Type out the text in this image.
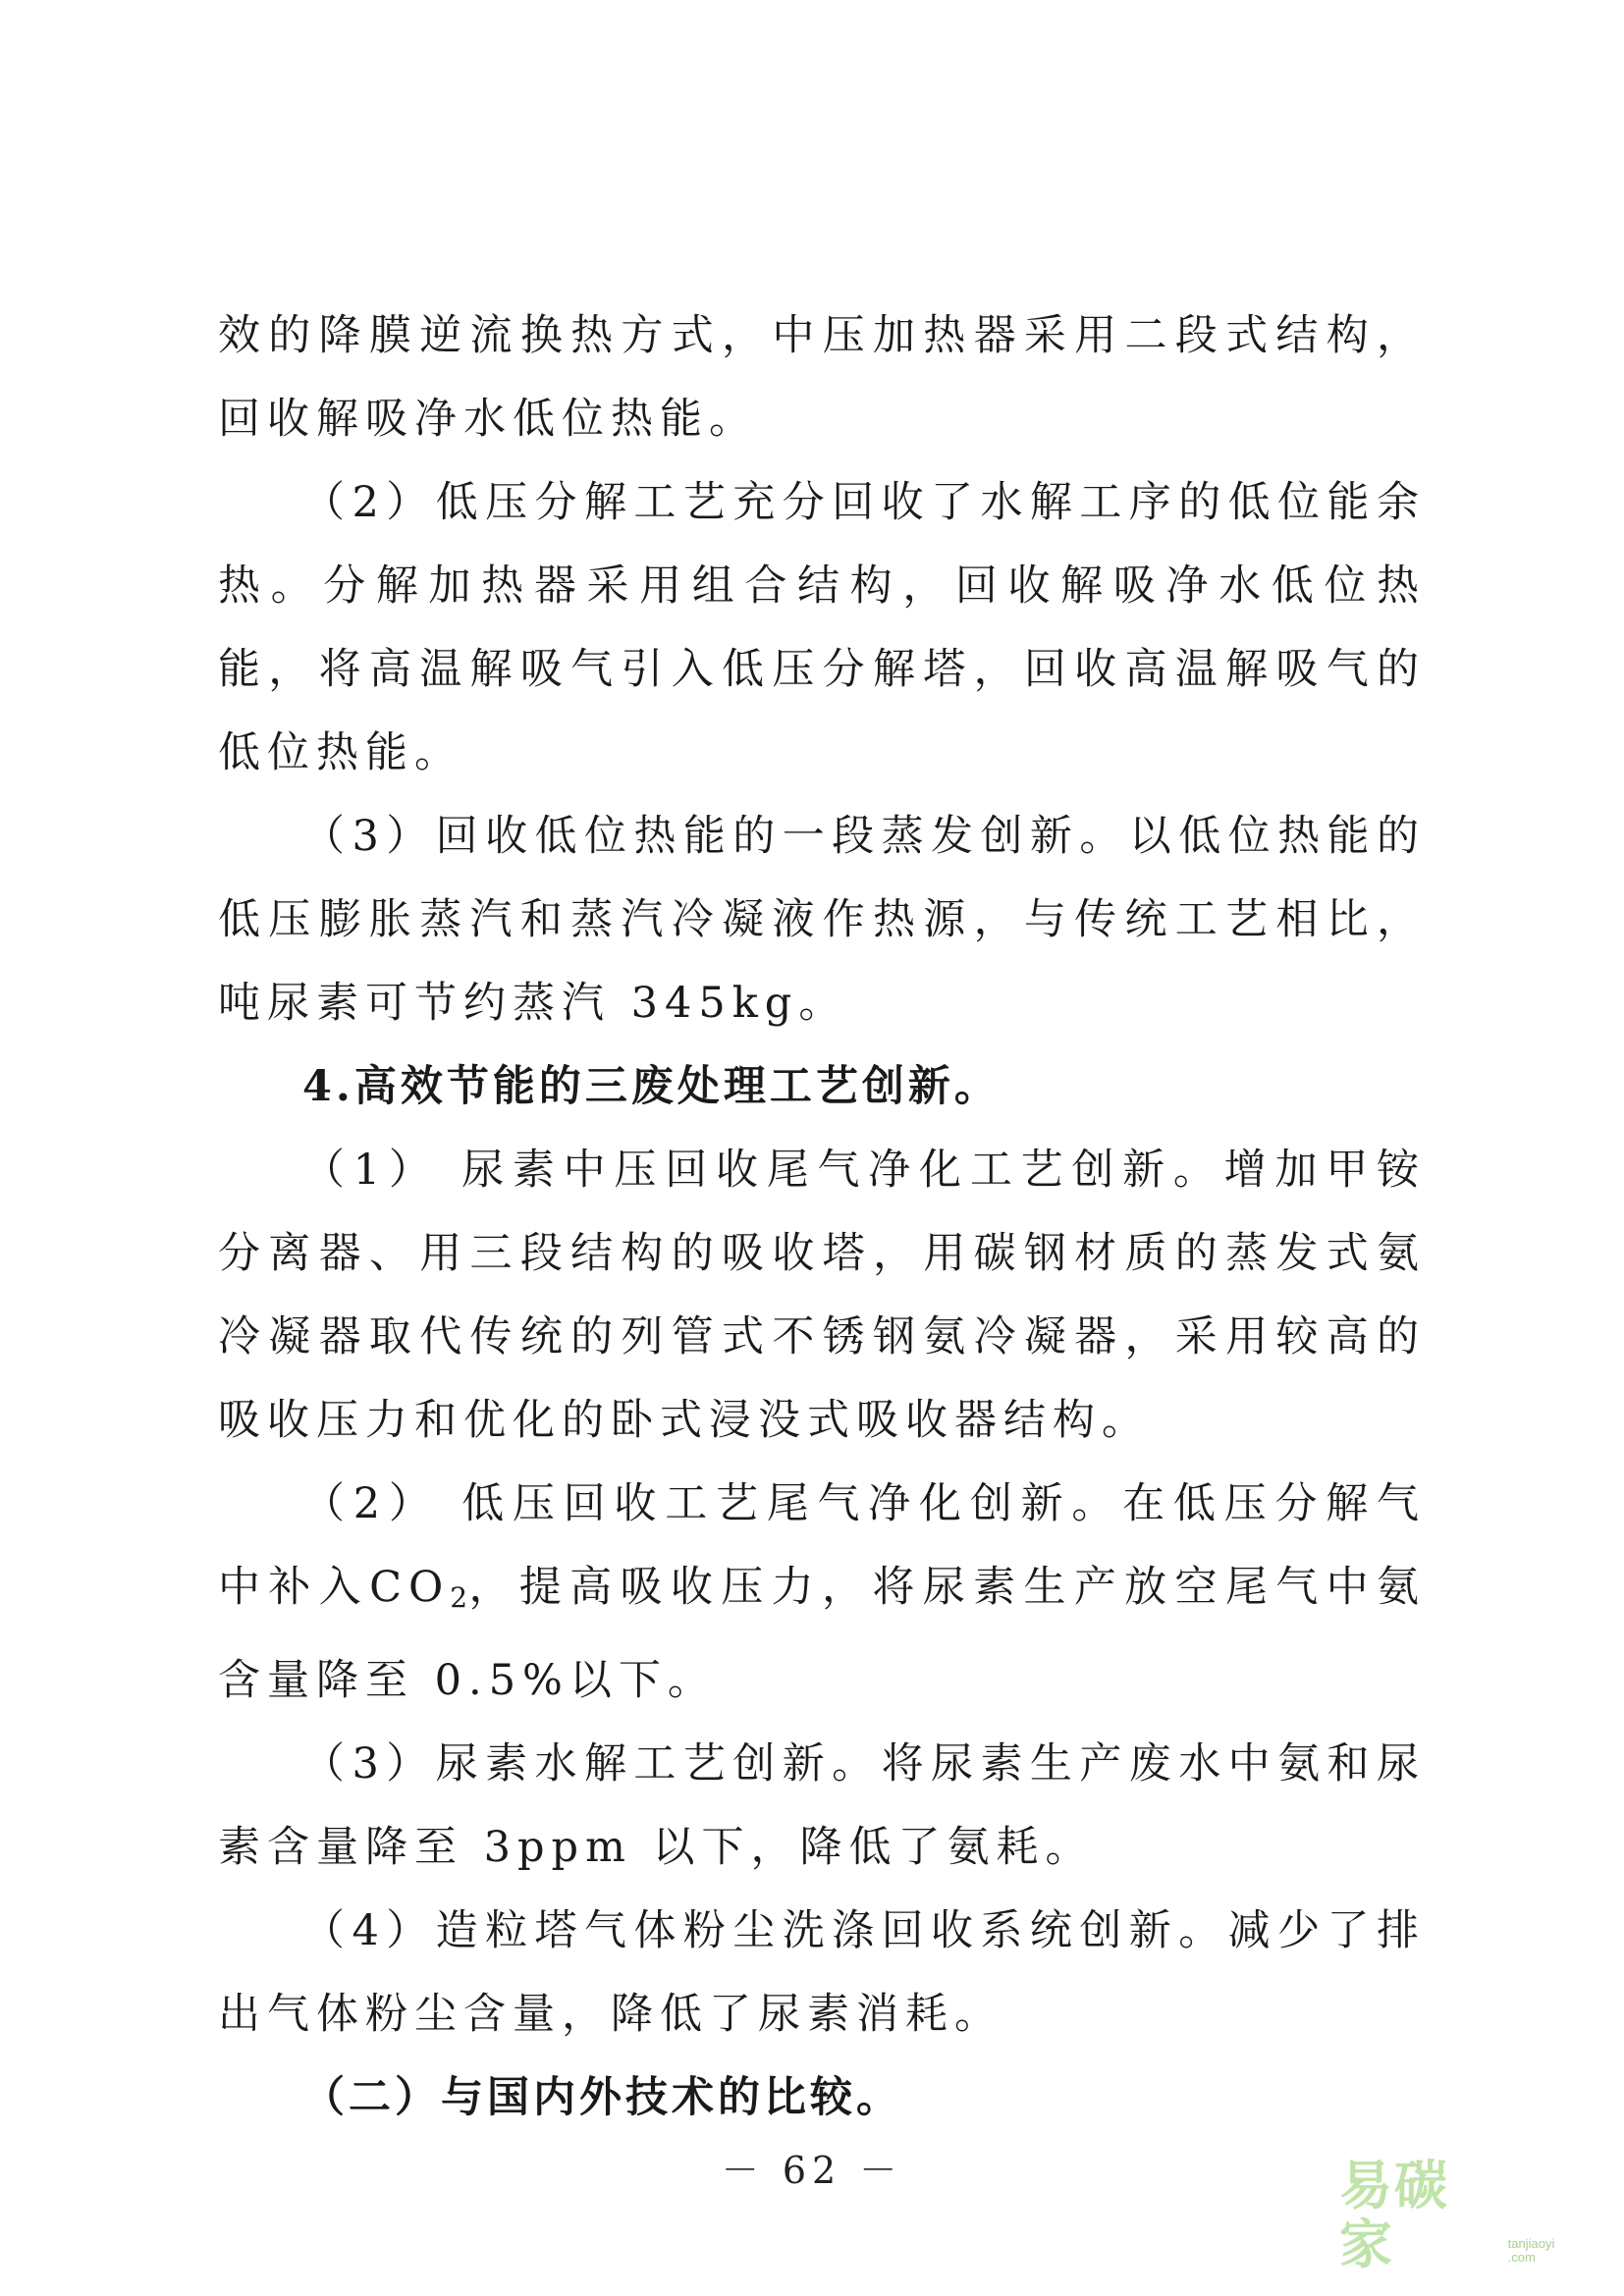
效的降膜逆流换热方式，中压加热器采用二段式结构，回收解吸净水低位热能。

（2）低压分解工艺充分回收了水解工序的低位能余热。分解加热器采用组合结构，回收解吸净水低位热能，将高温解吸气引入低压分解塔，回收高温解吸气的低位热能。

（3）回收低位热能的一段蒸发创新。以低位热能的低压膨胀蒸汽和蒸汽冷凝液作热源，与传统工艺相比，吨尿素可节约蒸汽 345kg。

4.高效节能的三废处理工艺创新。

（1） 尿素中压回收尾气净化工艺创新。增加甲铵分离器、用三段结构的吸收塔，用碳钢材质的蒸发式氨冷凝器取代传统的列管式不锈钢氨冷凝器，采用较高的吸收压力和优化的卧式浸没式吸收器结构。

（2） 低压回收工艺尾气净化创新。在低压分解气中补入$CO_2$，提高吸收压力，将尿素生产放空尾气中氨含量降至 0.5%以下。

（3）尿素水解工艺创新。将尿素生产废水中氨和尿素含量降至 3ppm 以下，降低了氨耗。

（4）造粒塔气体粉尘洗涤回收系统创新。减少了排出气体粉尘含量，降低了尿素消耗。

（二）与国内外技术的比较。

－ 62 －	易碳家	tanjiaoyi .com
